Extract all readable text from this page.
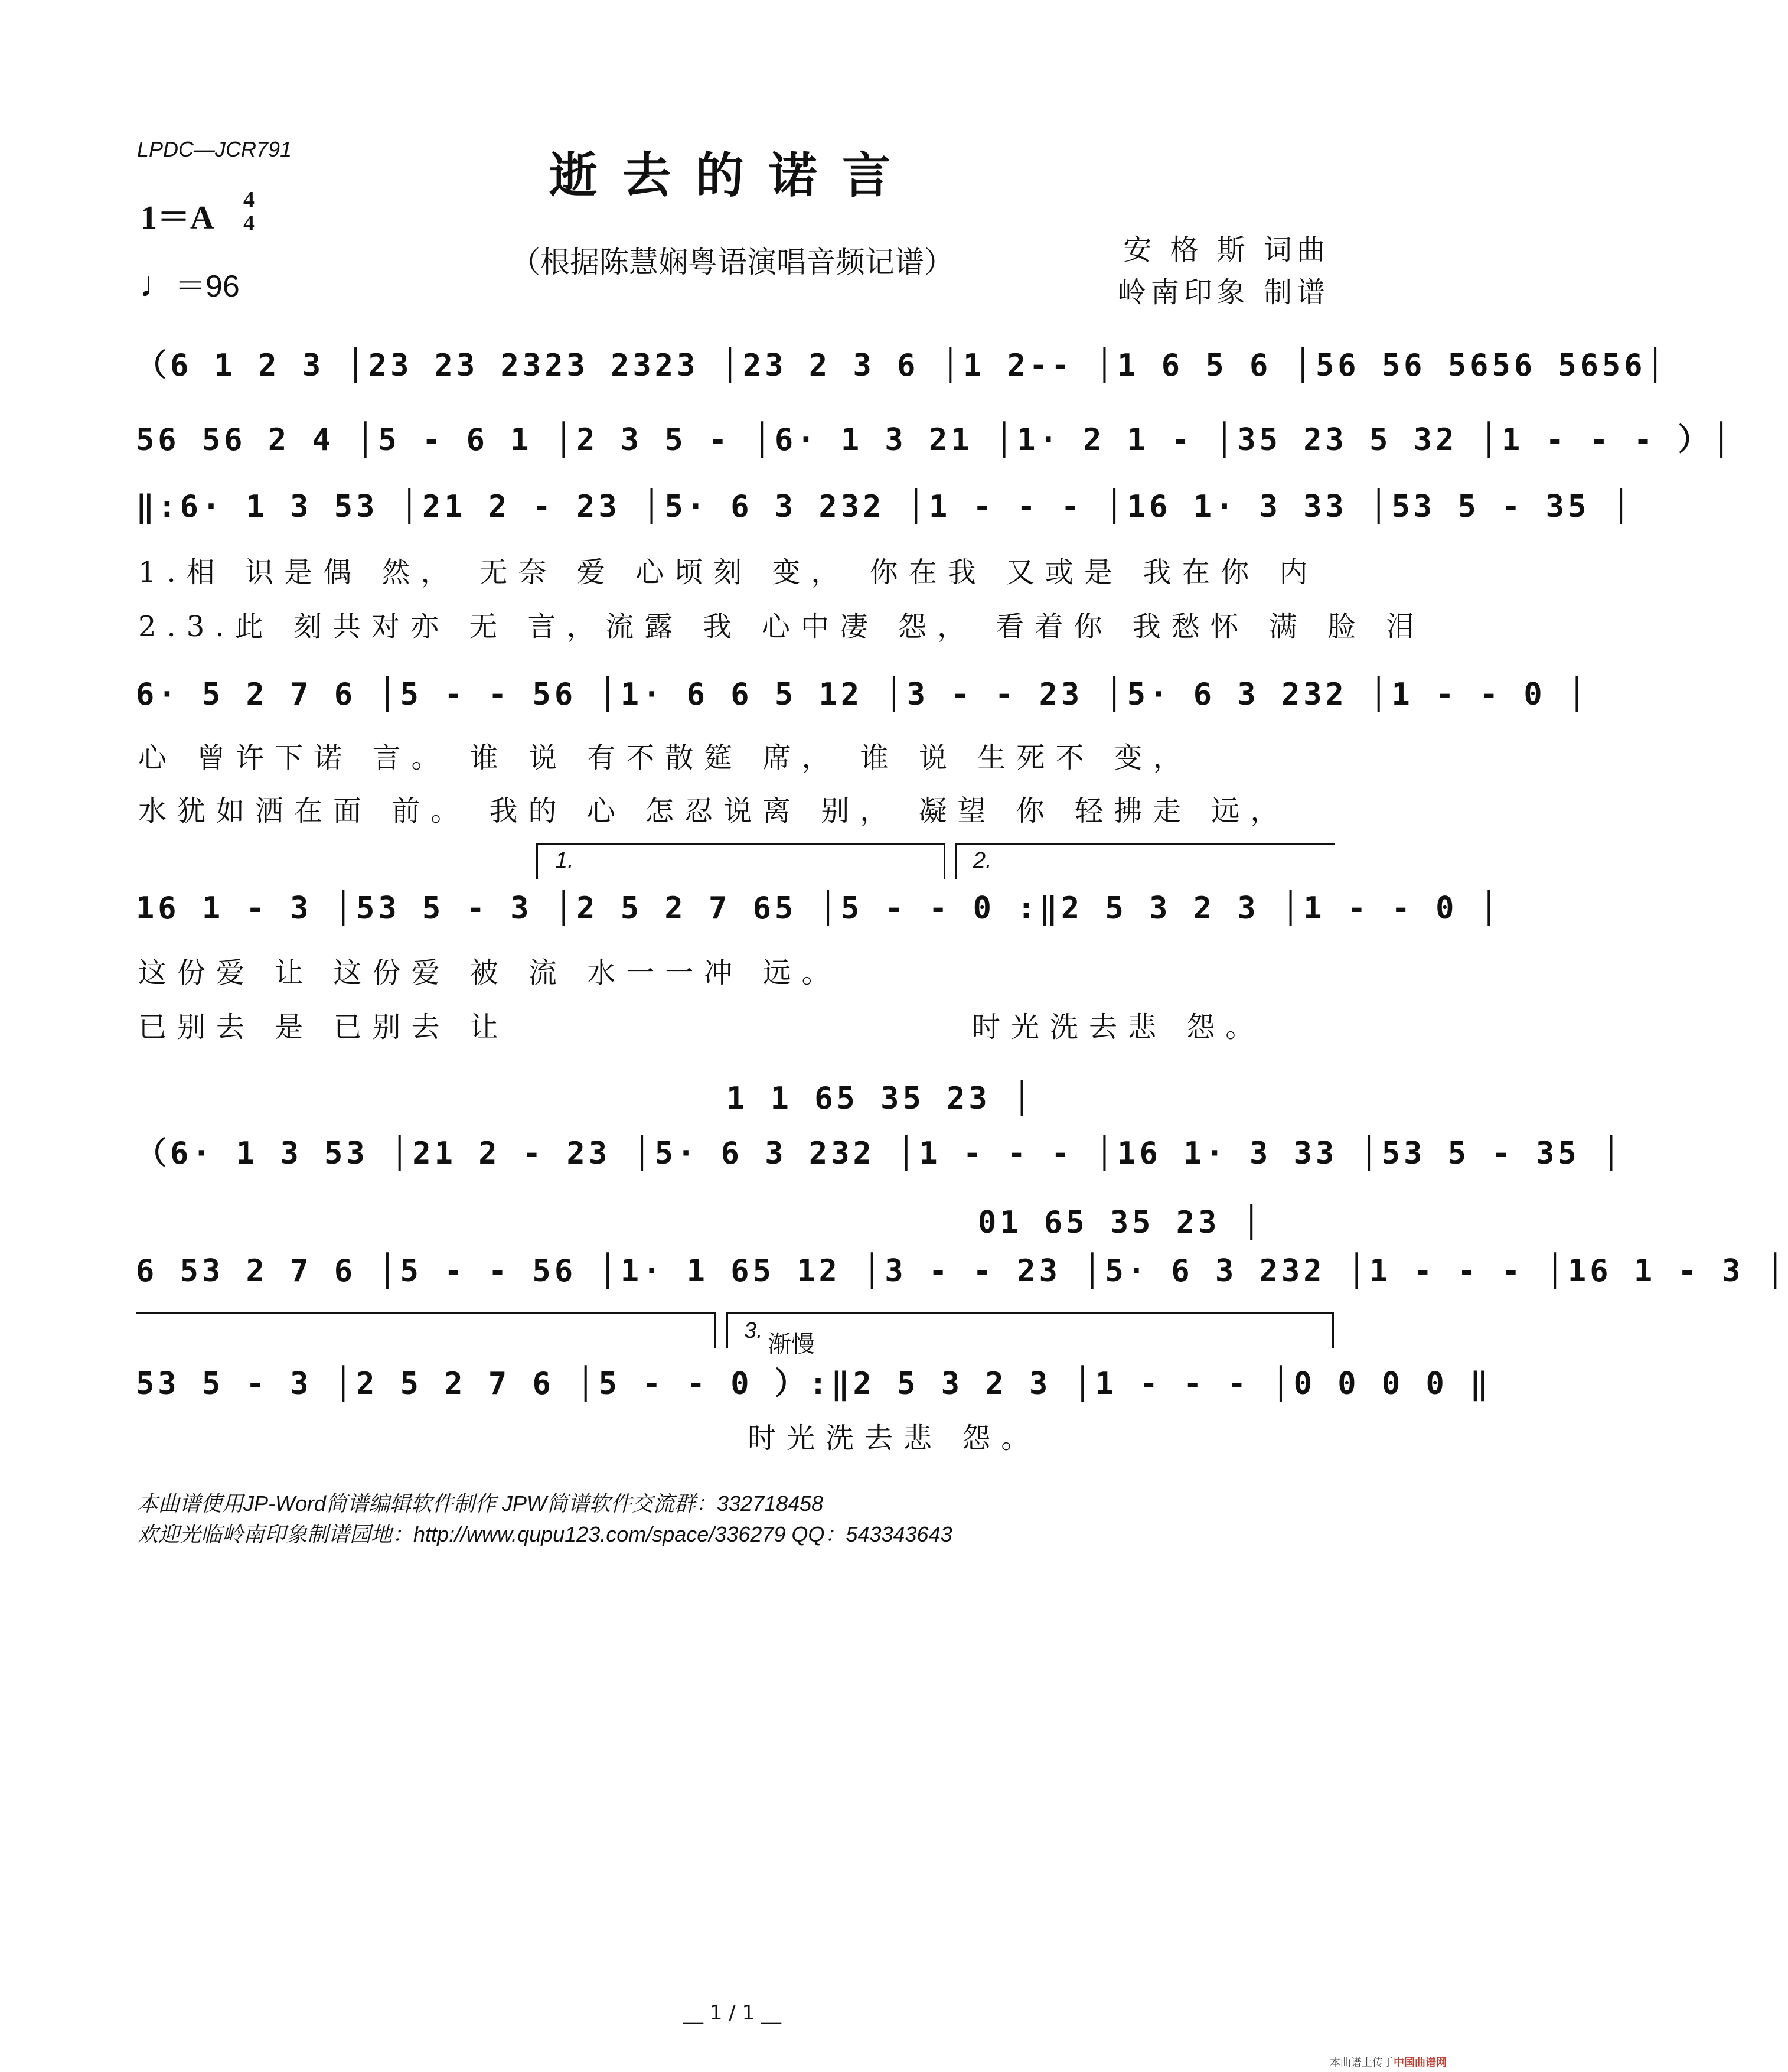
LPDC—JCR791	逝去的诺言
1＝A 4
4
♩＝96
（根据陈慧娴粤语演唱音频记谱）	安 格 斯 词曲
岭南印象 制谱
（6 1 2 3 │23 23 2323 2323 │23 2 3 6 │1 2-- │1 6 5 6 │56 56 5656 5656│
56 56 2 4 │5 - 6 1 │2 3 5 - │6· 1 3 21 │1· 2 1 - │35 23 5 32 │1 - - - ）│
‖:6· 1 3 53 │21 2 - 23 │5· 6 3 232 │1 - - - │16 1· 3 33 │53 5 - 35 │
1.相 识是偶 然， 无奈 爱 心顷刻 变， 你在我 又或是 我在你 内
2.3.此 刻共对亦 无 言，流露 我 心中凄 怨， 看着你 我愁怀 满 脸 泪
6· 5 2 7 6 │5 - - 56 │1· 6 6 5 12 │3 - - 23 │5· 6 3 232 │1 - - 0 │
心 曾许下诺 言。 谁 说 有不散筵 席， 谁 说 生死不 变，
水犹如洒在面 前。 我的 心 怎忍说离 别， 凝望 你 轻拂走 远，
1.	2.
16 1 - 3 │53 5 - 3 │2 5 2 7 65 │5 - - 0 :‖2 5 3 2 3 │1 - - 0 │
这份爱 让 这份爱 被 流 水一一冲 远。
已别去 是 已别去 让	时光洗去悲 怨。
1 1 65 35 23 │
（6· 1 3 53 │21 2 - 23 │5· 6 3 232 │1 - - - │16 1· 3 33 │53 5 - 35 │
01 65 35 23 │
6 53 2 7 6 │5 - - 56 │1· 1 65 12 │3 - - 23 │5· 6 3 232 │1 - - - │16 1 - 3 │
3. 渐慢
53 5 - 3 │2 5 2 7 6 │5 - - 0 ）:‖2 5 3 2 3 │1 - - - │0 0 0 0 ‖
时光洗去悲 怨。
本曲谱使用JP-Word简谱编辑软件制作 JPW简谱软件交流群：332718458
欢迎光临岭南印象制谱园地：http://www.qupu123.com/space/336279 QQ：543343643
__ 1 / 1 __
本曲谱上传于中国曲谱网
